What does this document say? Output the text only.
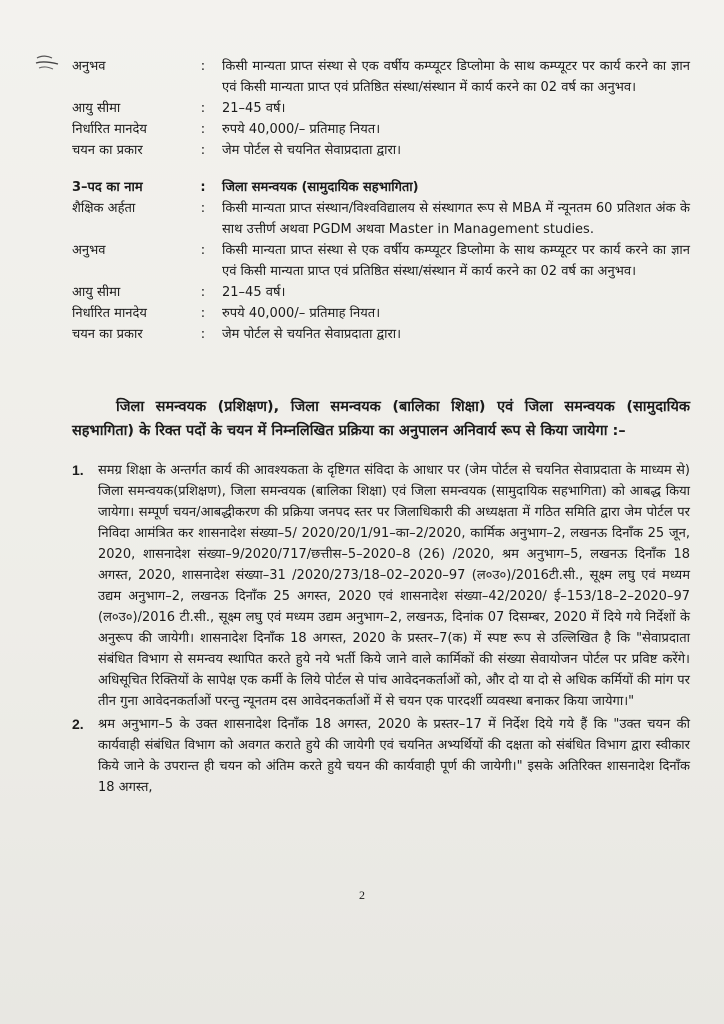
अनुभव	:	किसी मान्यता प्राप्त संस्था से एक वर्षीय कम्प्यूटर डिप्लोमा के साथ कम्प्यूटर पर कार्य करने का ज्ञान एवं किसी मान्यता प्राप्त एवं प्रतिष्ठित संस्था/संस्थान में कार्य करने का 02 वर्ष का अनुभव।
आयु सीमा	:	21–45 वर्ष।
निर्धारित मानदेय	:	रुपये 40,000/– प्रतिमाह नियत।
चयन का प्रकार	:	जेम पोर्टल से चयनित सेवाप्रदाता द्वारा।
3–पद का नाम	:	जिला समन्वयक (सामुदायिक सहभागिता)
शैक्षिक अर्हता	:	किसी मान्यता प्राप्त संस्थान/विश्वविद्यालय से संस्थागत रूप से MBA में न्यूनतम 60 प्रतिशत अंक के साथ उत्तीर्ण अथवा PGDM अथवा Master in Management studies.
अनुभव	:	किसी मान्यता प्राप्त संस्था से एक वर्षीय कम्प्यूटर डिप्लोमा के साथ कम्प्यूटर पर कार्य करने का ज्ञान एवं किसी मान्यता प्राप्त एवं प्रतिष्ठित संस्था/संस्थान में कार्य करने का 02 वर्ष का अनुभव।
आयु सीमा	:	21–45 वर्ष।
निर्धारित मानदेय	:	रुपये 40,000/– प्रतिमाह नियत।
चयन का प्रकार	:	जेम पोर्टल से चयनित सेवाप्रदाता द्वारा।
जिला समन्वयक (प्रशिक्षण), जिला समन्वयक (बालिका शिक्षा) एवं जिला समन्वयक (सामुदायिक सहभागिता) के रिक्त पदों के चयन में निम्नलिखित प्रक्रिया का अनुपालन अनिवार्य रूप से किया जायेगा :–
1.	समग्र शिक्षा के अन्तर्गत कार्य की आवश्यकता के दृष्टिगत संविदा के आधार पर (जेम पोर्टल से चयनित सेवाप्रदाता के माध्यम से) जिला समन्वयक(प्रशिक्षण), जिला समन्वयक (बालिका शिक्षा) एवं जिला समन्वयक (सामुदायिक सहभागिता) को आबद्ध किया जायेगा। सम्पूर्ण चयन/आबद्धीकरण की प्रक्रिया जनपद स्तर पर जिलाधिकारी की अध्यक्षता में गठित समिति द्वारा जेम पोर्टल पर निविदा आमंत्रित कर शासनादेश संख्या–5/ 2020/20/1/91–का–2/2020, कार्मिक अनुभाग–2, लखनऊ दिनाँक 25 जून, 2020, शासनादेश संख्या–9/2020/717/छत्तीस–5–2020–8 (26) /2020, श्रम अनुभाग–5, लखनऊ दिनाँक 18 अगस्त, 2020, शासनादेश संख्या–31 /2020/273/18–02–2020–97 (ल०उ०)/2016टी.सी., सूक्ष्म लघु एवं मध्यम उद्यम अनुभाग–2, लखनऊ दिनाँक 25 अगस्त, 2020 एवं शासनादेश संख्या–42/2020/ ई–153/18–2–2020–97 (ल०उ०)/2016 टी.सी., सूक्ष्म लघु एवं मध्यम उद्यम अनुभाग–2, लखनऊ, दिनांक 07 दिसम्बर, 2020 में दिये गये निर्देशों के अनुरूप की जायेगी। शासनादेश दिनाँक 18 अगस्त, 2020 के प्रस्तर–7(क) में स्पष्ट रूप से उल्लिखित है कि "सेवाप्रदाता संबंधित विभाग से समन्वय स्थापित करते हुये नये भर्ती किये जाने वाले कार्मिकों की संख्या सेवायोजन पोर्टल पर प्रविष्ट करेंगे। अधिसूचित रिक्तियों के सापेक्ष एक कर्मी के लिये पोर्टल से पांच आवेदनकर्ताओं को, और दो या दो से अधिक कर्मियों की मांग पर तीन गुना आवेदनकर्ताओं परन्तु न्यूनतम दस आवेदनकर्ताओं में से चयन एक पारदर्शी व्यवस्था बनाकर किया जायेगा।"
2.	श्रम अनुभाग–5 के उक्त शासनादेश दिनाँक 18 अगस्त, 2020 के प्रस्तर–17 में निर्देश दिये गये हैं कि "उक्त चयन की कार्यवाही संबंधित विभाग को अवगत कराते हुये की जायेगी एवं चयनित अभ्यर्थियों की दक्षता को संबंधित विभाग द्वारा स्वीकार किये जाने के उपरान्त ही चयन को अंतिम करते हुये चयन की कार्यवाही पूर्ण की जायेगी।" इसके अतिरिक्त शासनादेश दिनाँक 18 अगस्त,
2
